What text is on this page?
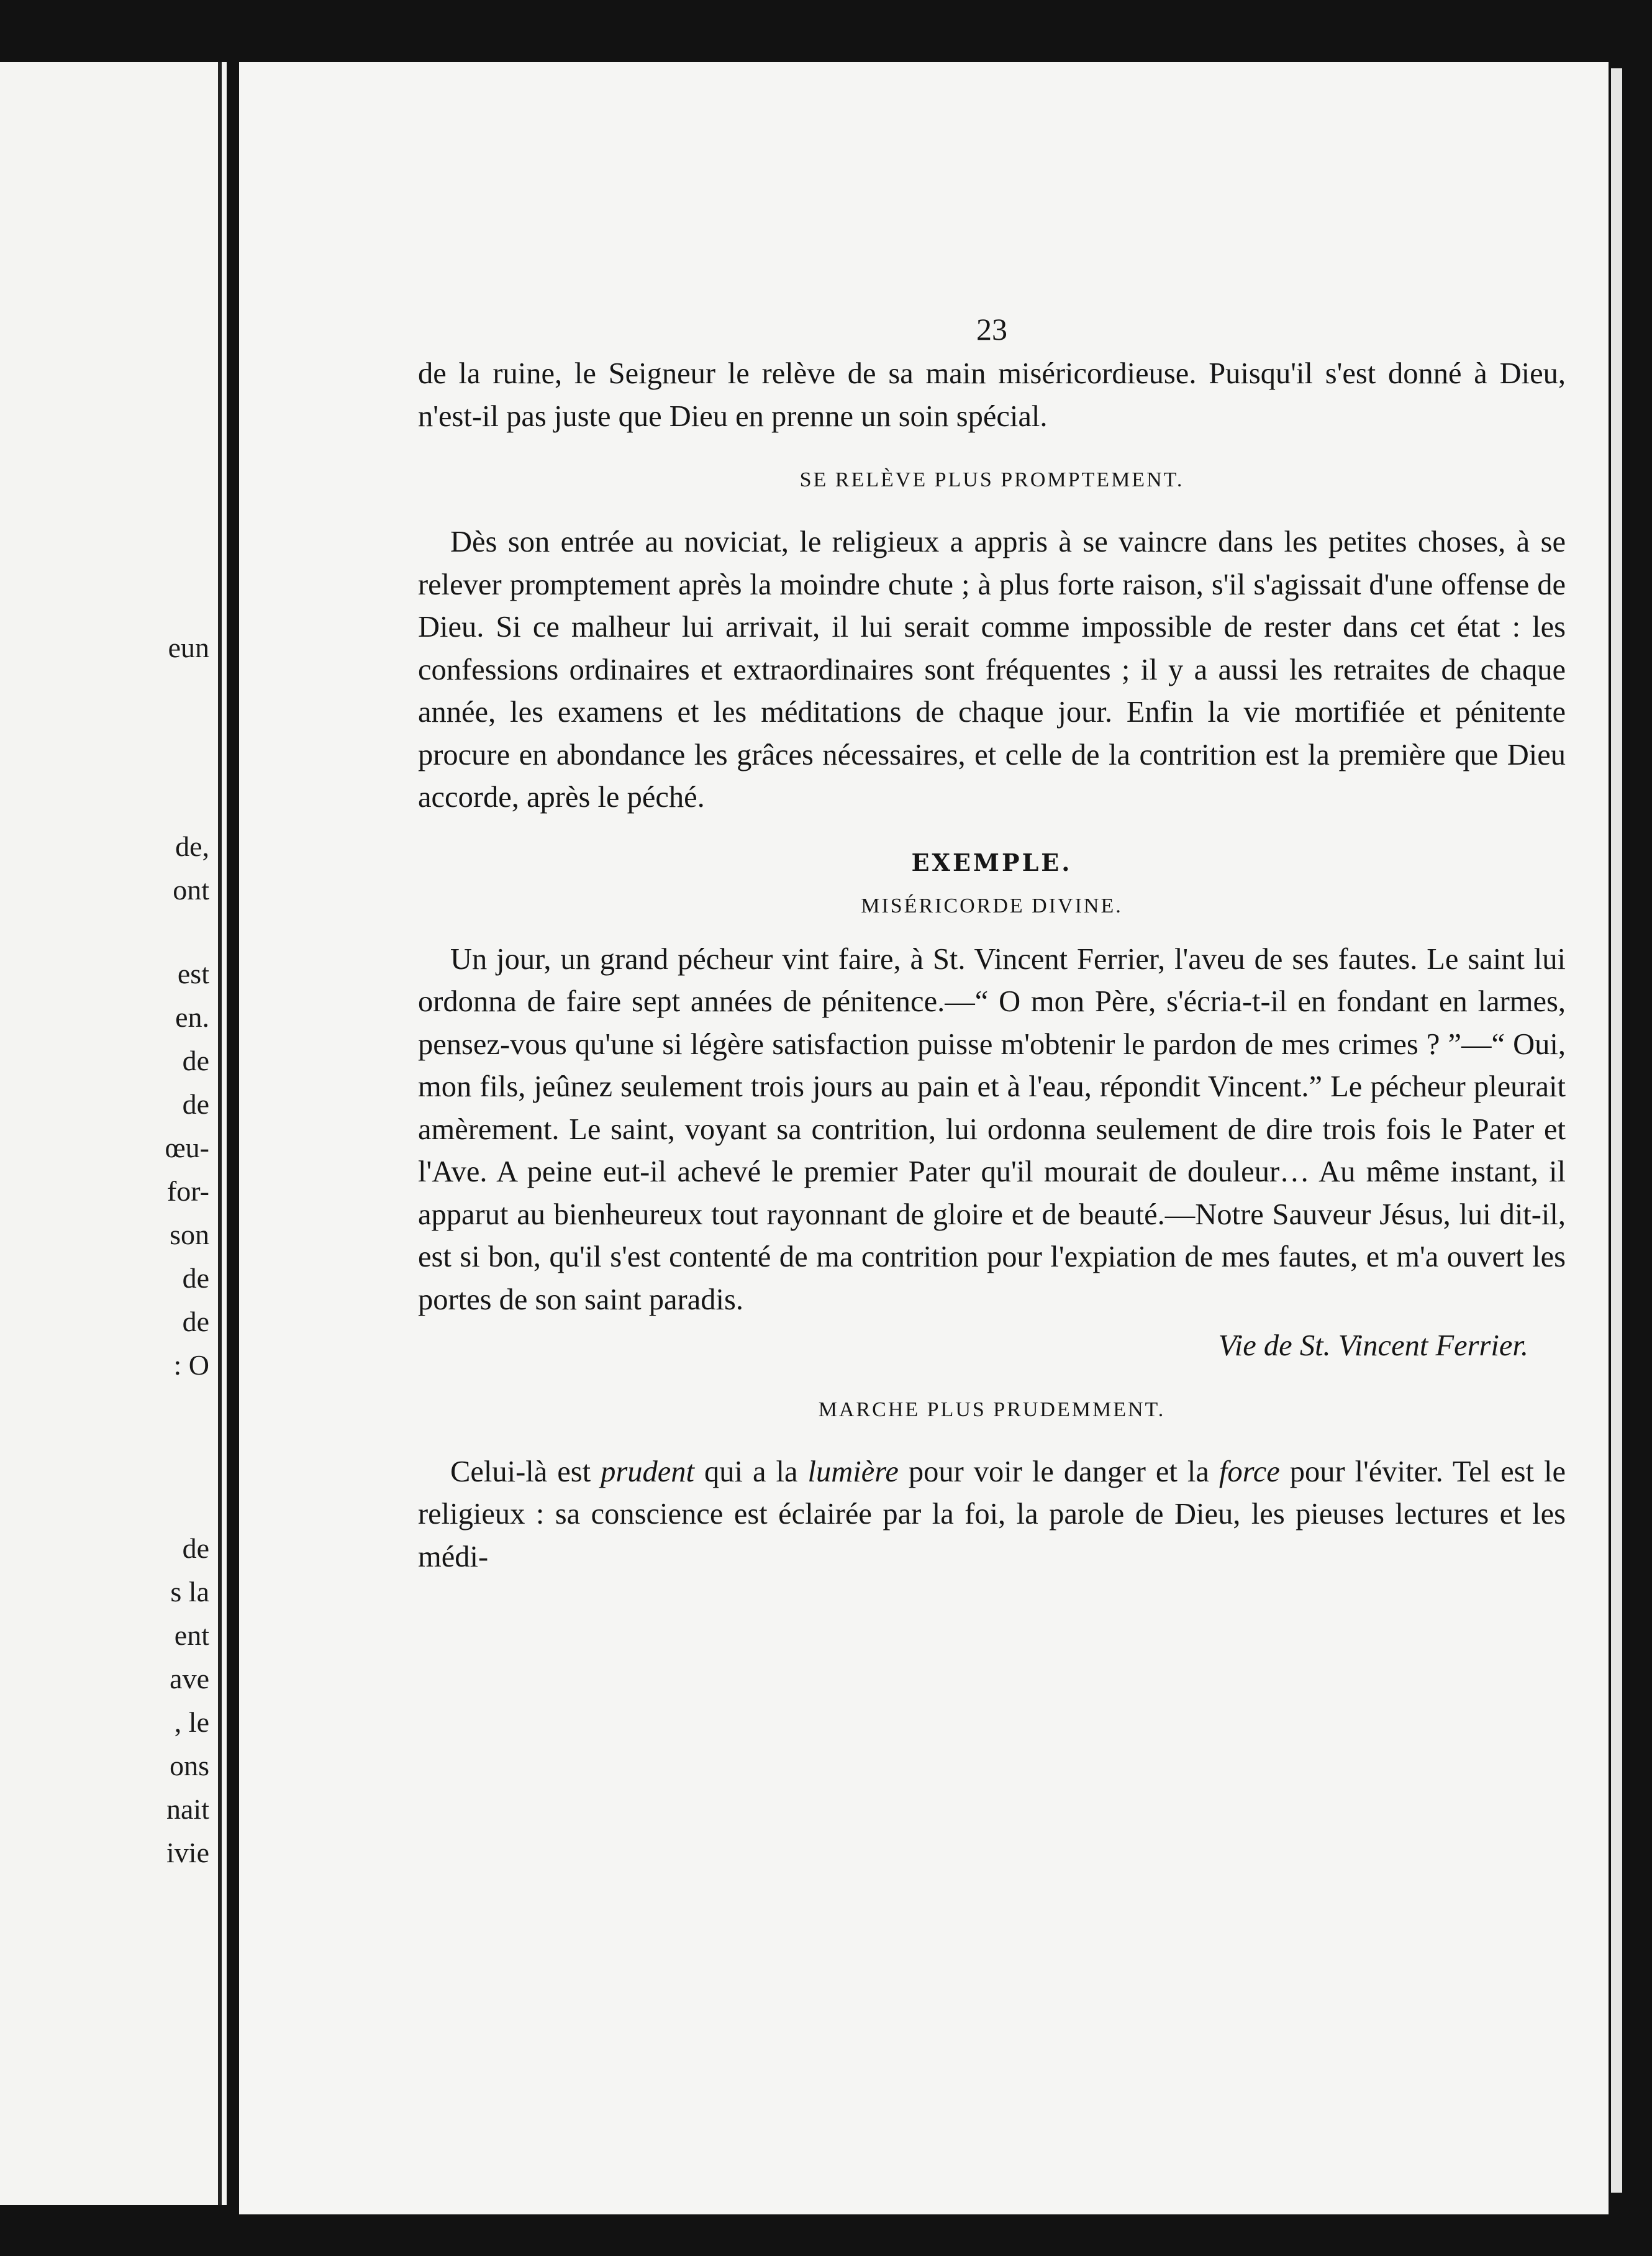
eun
de,
ont
est
en.
de
de
œu-
for-
son
de
de
: O
de
s la
ent
ave
, le
ons
nait
ivie
23

de la ruine, le Seigneur le relève de sa main miséricordieuse. Puisqu'il s'est donné à Dieu, n'est-il pas juste que Dieu en prenne un soin spécial.

SE RELÈVE PLUS PROMPTEMENT.

Dès son entrée au noviciat, le religieux a appris à se vaincre dans les petites choses, à se relever promptement après la moindre chute ; à plus forte raison, s'il s'agissait d'une offense de Dieu. Si ce malheur lui arrivait, il lui serait comme impossible de rester dans cet état : les confessions ordinaires et extraordinaires sont fréquentes ; il y a aussi les retraites de chaque année, les examens et les méditations de chaque jour. Enfin la vie mortifiée et pénitente procure en abondance les grâces nécessaires, et celle de la contrition est la première que Dieu accorde, après le péché.

EXEMPLE.
MISÉRICORDE DIVINE.

Un jour, un grand pécheur vint faire, à St. Vincent Ferrier, l'aveu de ses fautes. Le saint lui ordonna de faire sept années de pénitence.—“ O mon Père, s'écria-t-il en fondant en larmes, pensez-vous qu'une si légère satisfaction puisse m'obtenir le pardon de mes crimes ? ”—“ Oui, mon fils, jeûnez seulement trois jours au pain et à l'eau, répondit Vincent.” Le pécheur pleurait amèrement. Le saint, voyant sa contrition, lui ordonna seulement de dire trois fois le Pater et l'Ave. A peine eut-il achevé le premier Pater qu'il mourait de douleur… Au même instant, il apparut au bienheureux tout rayonnant de gloire et de beauté.—Notre Sauveur Jésus, lui dit-il, est si bon, qu'il s'est contenté de ma contrition pour l'expiation de mes fautes, et m'a ouvert les portes de son saint paradis.

Vie de St. Vincent Ferrier.
MARCHE PLUS PRUDEMMENT.

Celui-là est prudent qui a la lumière pour voir le danger et la force pour l'éviter. Tel est le religieux : sa conscience est éclairée par la foi, la parole de Dieu, les pieuses lectures et les médi-
